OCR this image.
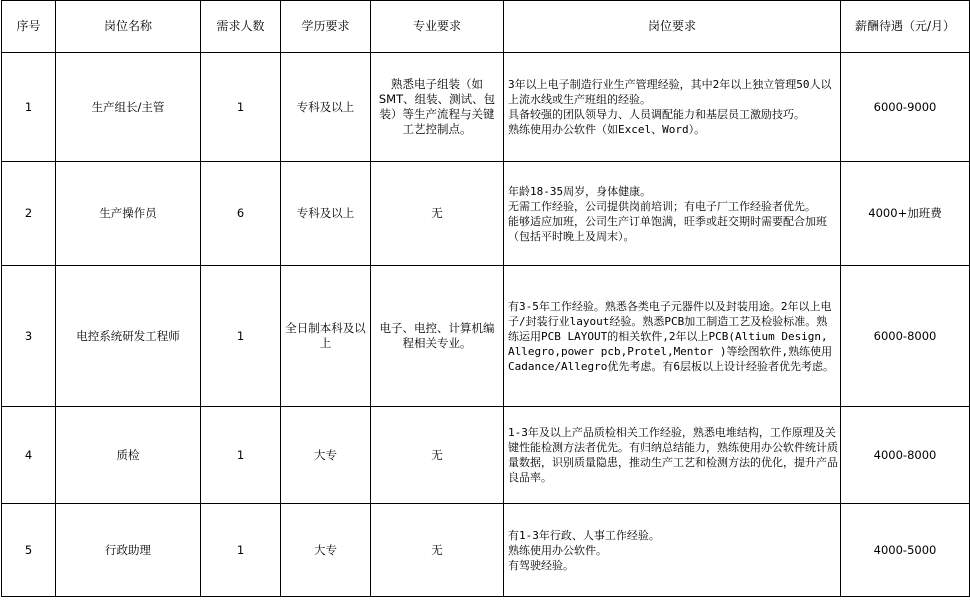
序号	岗位名称	需求人数	学历要求	专业要求	岗位要求	薪酬待遇（元/月）
1	生产组长/主管	1	专科及以上	熟悉电子组装（如SMT、组装、测试、包装）等生产流程与关键工艺控制点。	3年以上电子制造行业生产管理经验，其中2年以上独立管理50人以上流水线或生产班组的经验。
具备较强的团队领导力、人员调配能力和基层员工激励技巧。
熟练使用办公软件（如Excel、Word）。	6000-9000
2	生产操作员	6	专科及以上	无	年龄18-35周岁，身体健康。
无需工作经验，公司提供岗前培训；有电子厂工作经验者优先。
能够适应加班，公司生产订单饱满，旺季或赶交期时需要配合加班（包括平时晚上及周末）。	4000+加班费
3	电控系统研发工程师	1	全日制本科及以上	电子、电控、计算机编程相关专业。	有3-5年工作经验。熟悉各类电子元器件以及封装用途。2年以上电子/封装行业layout经验。熟悉PCB加工制造工艺及检验标准。熟练运用PCB LAYOUT的相关软件,2年以上PCB(Altium Design, Allegro,power pcb,Protel,Mentor )等绘图软件,熟练使用Cadance/Allegro优先考虑。有6层板以上设计经验者优先考虑。	6000-8000
4	质检	1	大专	无	1-3年及以上产品质检相关工作经验，熟悉电堆结构，工作原理及关键性能检测方法者优先。有归纳总结能力，熟练使用办公软件统计质量数据，识别质量隐患，推动生产工艺和检测方法的优化，提升产品良品率。	4000-8000
5	行政助理	1	大专	无	有1-3年行政、人事工作经验。
熟练使用办公软件。
有驾驶经验。	4000-5000
